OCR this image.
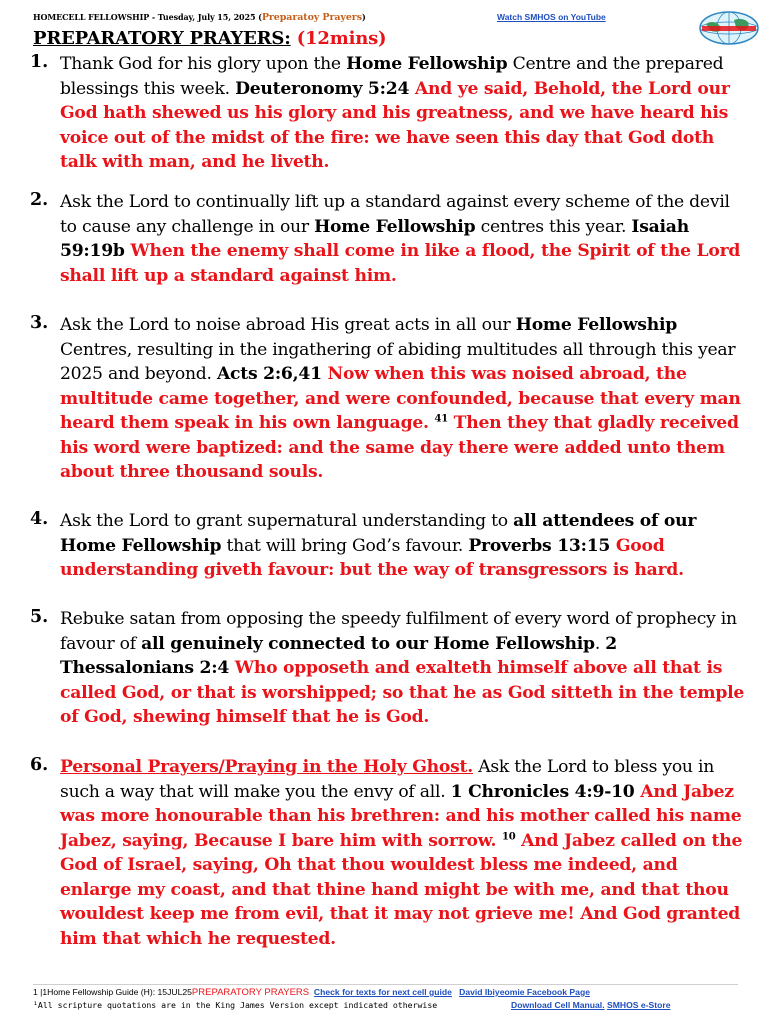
HOMECELL FELLOWSHIP - Tuesday, July 15, 2025 (Preparatoy Prayers)	Watch SMHOS on YouTube
PREPARATORY PRAYERS: (12mins)
1. Thank God for his glory upon the Home Fellowship Centre and the prepared blessings this week. Deuteronomy 5:24 And ye said, Behold, the Lord our God hath shewed us his glory and his greatness, and we have heard his voice out of the midst of the fire: we have seen this day that God doth talk with man, and he liveth.
2. Ask the Lord to continually lift up a standard against every scheme of the devil to cause any challenge in our Home Fellowship centres this year. Isaiah 59:19b When the enemy shall come in like a flood, the Spirit of the Lord shall lift up a standard against him.
3. Ask the Lord to noise abroad His great acts in all our Home Fellowship Centres, resulting in the ingathering of abiding multitudes all through this year 2025 and beyond. Acts 2:6,41 Now when this was noised abroad, the multitude came together, and were confounded, because that every man heard them speak in his own language. $^{41}$ Then they that gladly received his word were baptized: and the same day there were added unto them about three thousand souls.
4. Ask the Lord to grant supernatural understanding to all attendees of our Home Fellowship that will bring God’s favour. Proverbs 13:15 Good understanding giveth favour: but the way of transgressors is hard.
5. Rebuke satan from opposing the speedy fulfilment of every word of prophecy in favour of all genuinely connected to our Home Fellowship. 2 Thessalonians 2:4 Who opposeth and exalteth himself above all that is called God, or that is worshipped; so that he as God sitteth in the temple of God, shewing himself that he is God.
6. Personal Prayers/Praying in the Holy Ghost. Ask the Lord to bless you in such a way that will make you the envy of all. 1 Chronicles 4:9-10 And Jabez was more honourable than his brethren: and his mother called his name Jabez, saying, Because I bare him with sorrow. $^{10}$ And Jabez called on the God of Israel, saying, Oh that thou wouldest bless me indeed, and enlarge my coast, and that thine hand might be with me, and that thou wouldest keep me from evil, that it may not grieve me! And God granted him that which he requested.
1 |1Home Fellowship Guide (H): 15JUL25PREPARATORY PRAYERS Check for texts for next cell guide David Ibiyeomie Facebook Page
¹All scripture quotations are in the King James Version except indicated otherwise	Download Cell Manual. SMHOS e-Store
